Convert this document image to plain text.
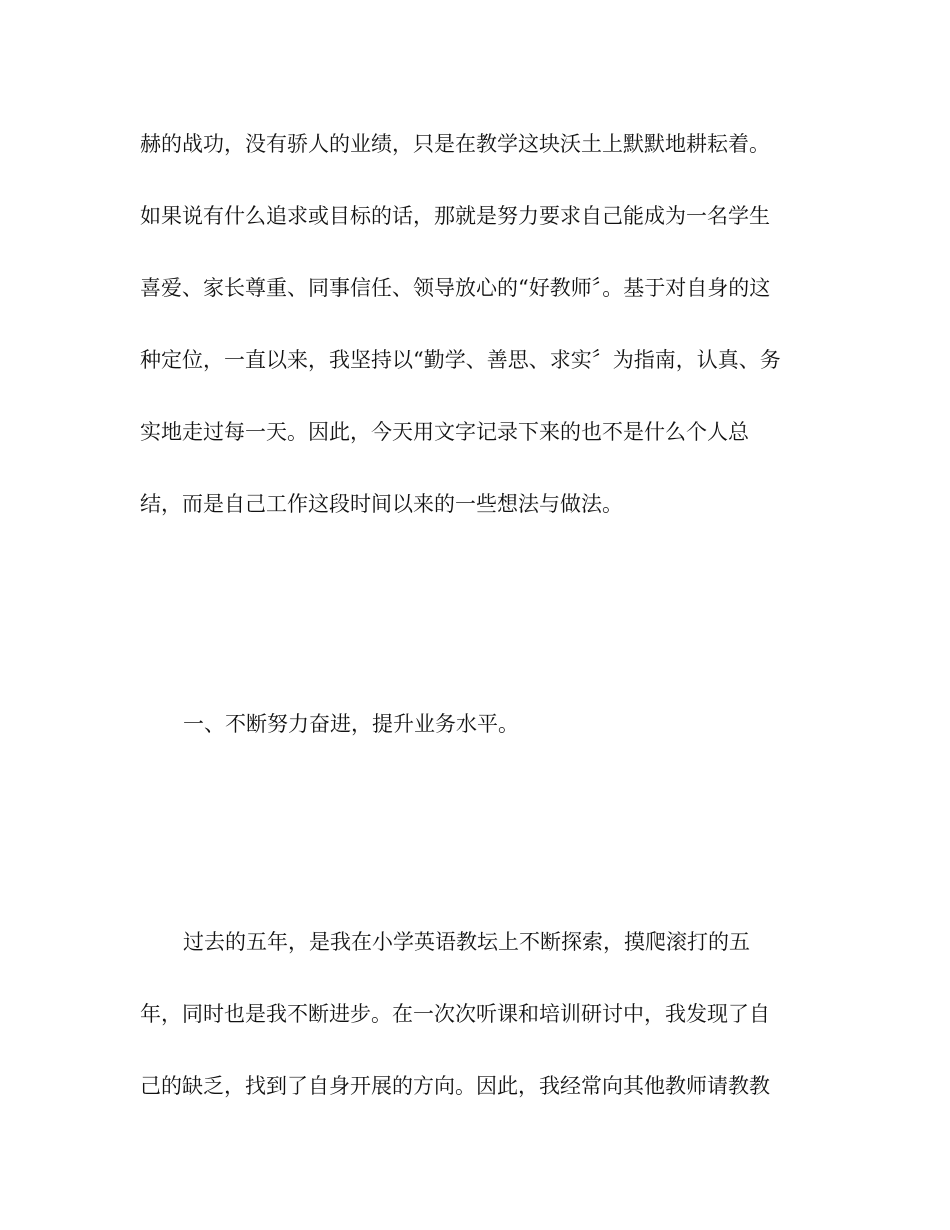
赫的战功，没有骄人的业绩，只是在教学这块沃土上默默地耕耘着。
如果说有什么追求或目标的话，那就是努力要求自己能成为一名学生
喜爱、家长尊重、同事信任、领导放心的“好教师〞。基于对自身的这
种定位，一直以来，我坚持以“勤学、善思、求实〞为指南，认真、务
实地走过每一天。因此，今天用文字记录下来的也不是什么个人总
结，而是自己工作这段时间以来的一些想法与做法。
一、不断努力奋进，提升业务水平。
过去的五年，是我在小学英语教坛上不断探索，摸爬滚打的五
年，同时也是我不断进步。在一次次听课和培训研讨中，我发现了自
己的缺乏，找到了自身开展的方向。因此，我经常向其他教师请教教
